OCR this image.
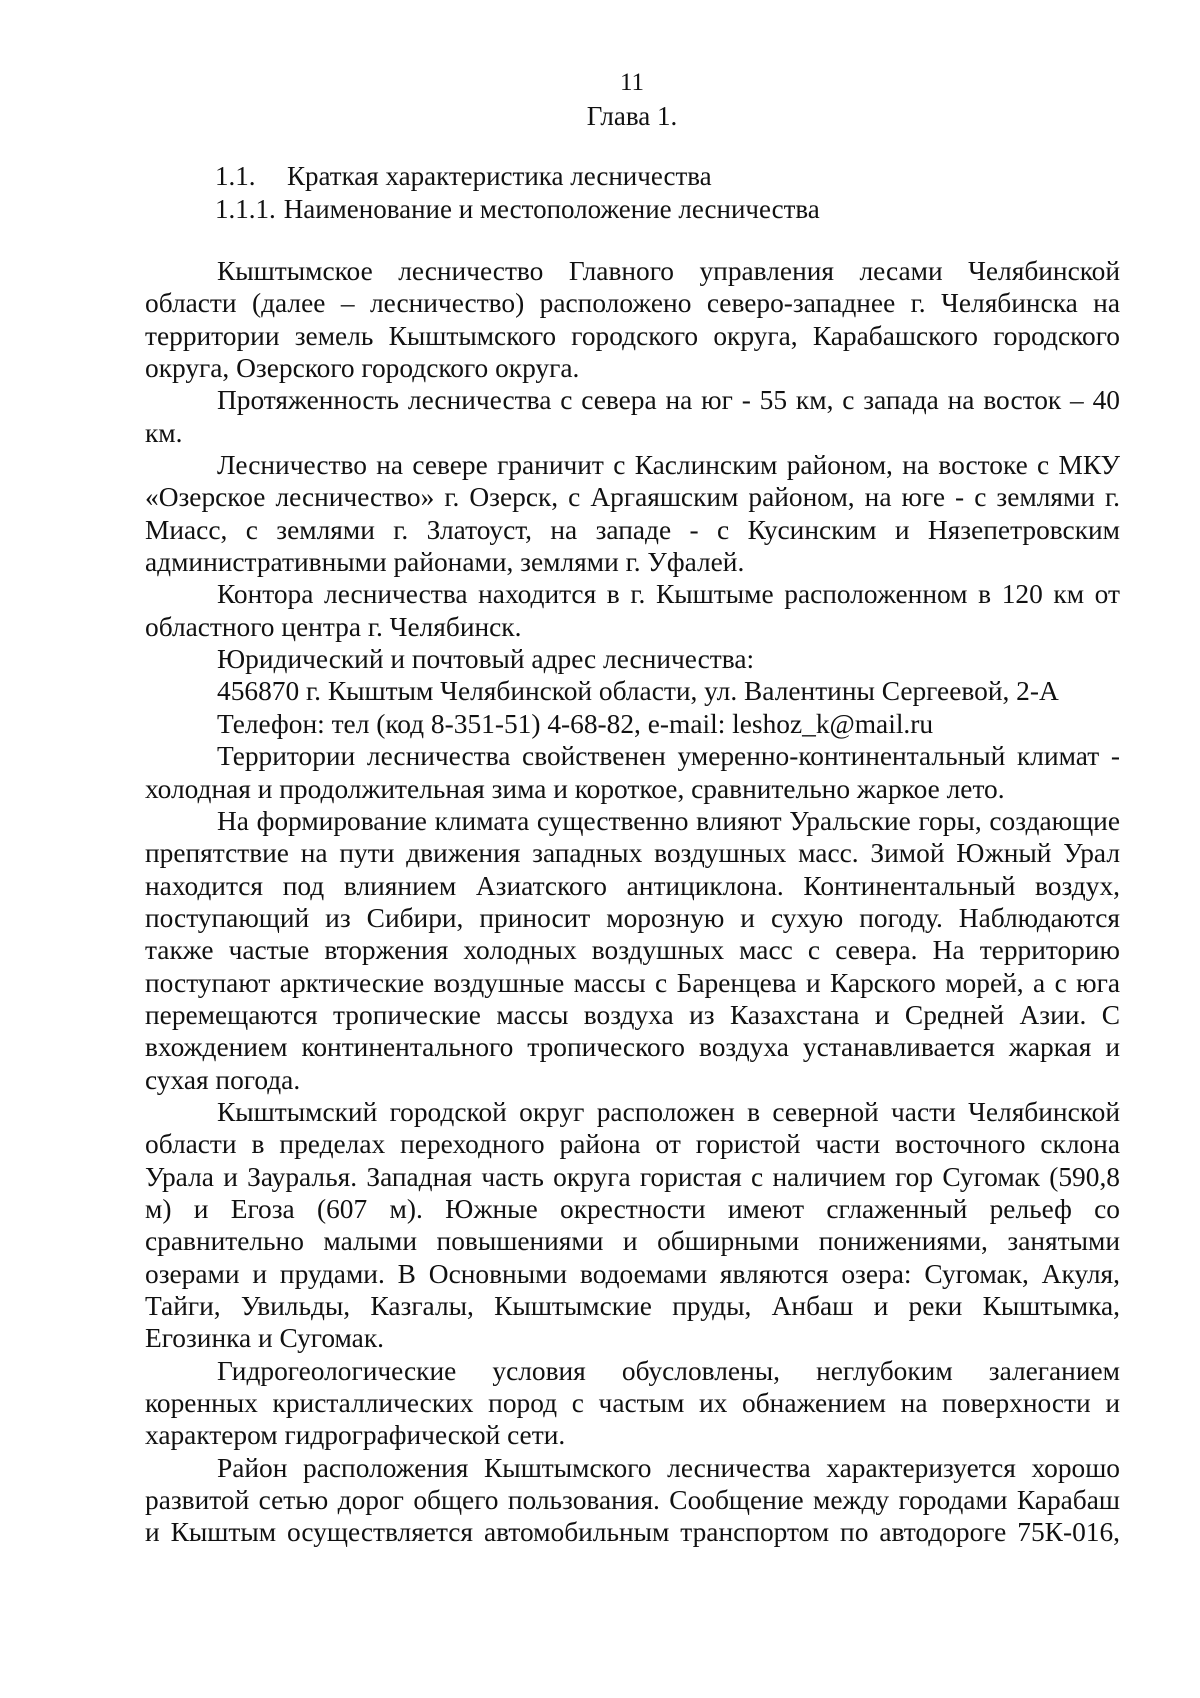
11
Глава 1.
1.1. Краткая характеристика лесничества
1.1.1. Наименование и местоположение лесничества

Кыштымское лесничество Главного управления лесами Челябинской области (далее – лесничество) расположено северо-западнее г. Челябинска на территории земель Кыштымского городского округа, Карабашского городского округа, Озерского городского округа.

Протяженность лесничества с севера на юг - 55 км, с запада на восток – 40 км.

Лесничество на севере граничит с Каслинским районом, на востоке с МКУ «Озерское лесничество» г. Озерск, с Аргаяшским районом, на юге - с землями г. Миасс, с землями г. Златоуст, на западе - с Кусинским и Нязепетровским административными районами, землями г. Уфалей.

Контора лесничества находится в г. Кыштыме расположенном в 120 км от областного центра г. Челябинск.

Юридический и почтовый адрес лесничества:

456870 г. Кыштым Челябинской области, ул. Валентины Сергеевой, 2-А

Телефон: тел (код 8-351-51) 4-68-82, e-mail: leshoz_k@mail.ru

Территории лесничества свойственен умеренно-континентальный климат - холодная и продолжительная зима и короткое, сравнительно жаркое лето.

На формирование климата существенно влияют Уральские горы, создающие препятствие на пути движения западных воздушных масс. Зимой Южный Урал находится под влиянием Азиатского антициклона. Континентальный воздух, поступающий из Сибири, приносит морозную и сухую погоду. Наблюдаются также частые вторжения холодных воздушных масс с севера. На территорию поступают арктические воздушные массы с Баренцева и Карского морей, а с юга перемещаются тропические массы воздуха из Казахстана и Средней Азии. С вхождением континентального тропического воздуха устанавливается жаркая и сухая погода.

Кыштымский городской округ расположен в северной части Челябинской области в пределах переходного района от гористой части восточного склона Урала и Зауралья. Западная часть округа гористая с наличием гор Сугомак (590,8 м) и Егоза (607 м). Южные окрестности имеют сглаженный рельеф со сравнительно малыми повышениями и обширными понижениями, занятыми озерами и прудами. В Основными водоемами являются озера: Сугомак, Акуля, Тайги, Увильды, Казгалы, Кыштымские пруды, Анбаш и реки Кыштымка, Егозинка и Сугомак.

Гидрогеологические условия обусловлены, неглубоким залеганием коренных кристаллических пород с частым их обнажением на поверхности и характером гидрографической сети.

Район расположения Кыштымского лесничества характеризуется хорошо развитой сетью дорог общего пользования. Сообщение между городами Карабаш и Кыштым осуществляется автомобильным транспортом по автодороге 75К-016,
